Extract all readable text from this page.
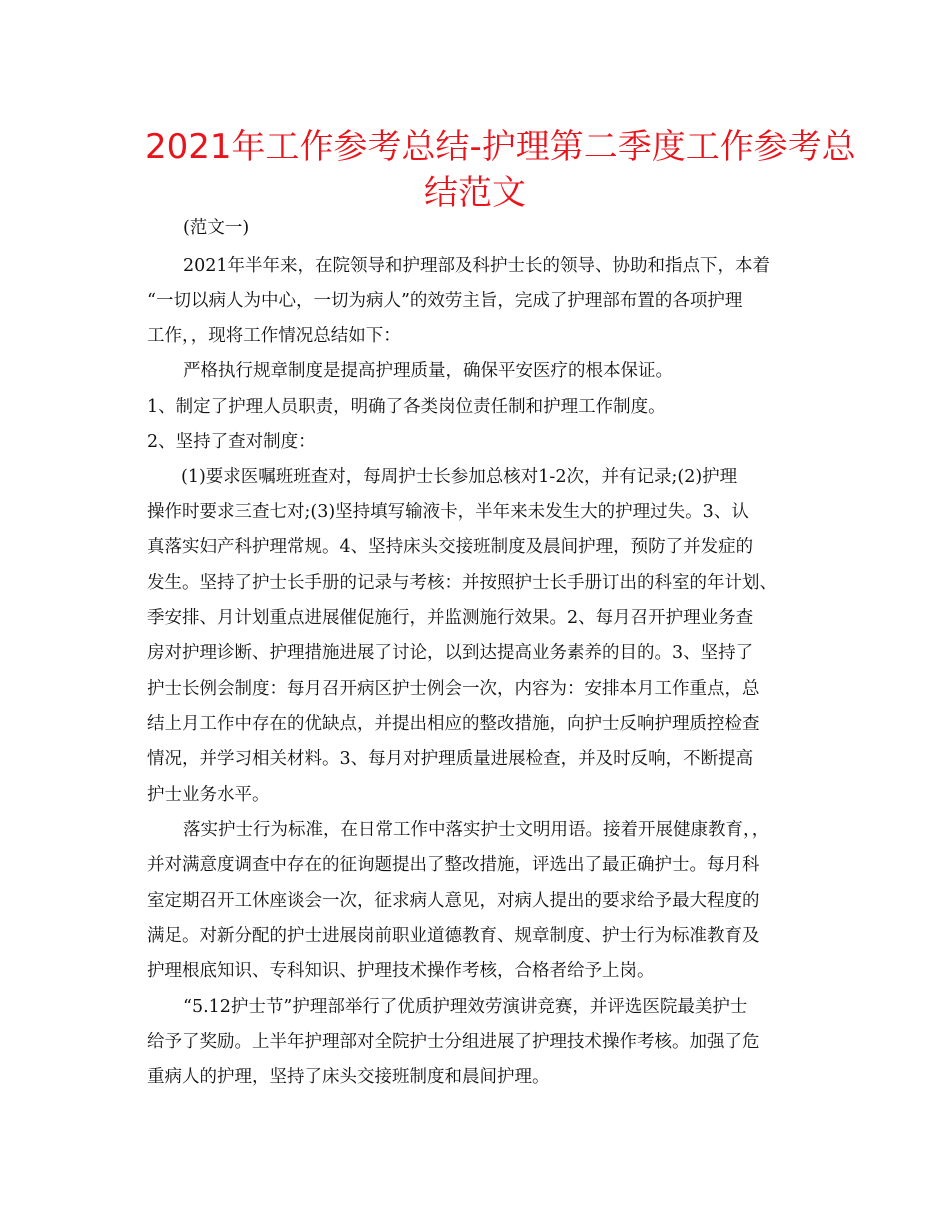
2021年工作参考总结-护理第二季度工作参考总
结范文
(范文一)
2021年半年来，在院领导和护理部及科护士长的领导、协助和指点下，本着
“一切以病人为中心，一切为病人”的效劳主旨，完成了护理部布置的各项护理
工作，，现将工作情况总结如下：
严格执行规章制度是提高护理质量，确保平安医疗的根本保证。
1、制定了护理人员职责，明确了各类岗位责任制和护理工作制度。
2、坚持了查对制度：
(1)要求医嘱班班查对，每周护士长参加总核对1-2次，并有记录;(2)护理
操作时要求三查七对;(3)坚持填写输液卡，半年来未发生大的护理过失。3、认
真落实妇产科护理常规。4、坚持床头交接班制度及晨间护理，预防了并发症的
发生。坚持了护士长手册的记录与考核：并按照护士长手册订出的科室的年计划、
季安排、月计划重点进展催促施行，并监测施行效果。2、每月召开护理业务查
房对护理诊断、护理措施进展了讨论，以到达提高业务素养的目的。3、坚持了
护士长例会制度：每月召开病区护士例会一次，内容为：安排本月工作重点，总
结上月工作中存在的优缺点，并提出相应的整改措施，向护士反响护理质控检查
情况，并学习相关材料。3、每月对护理质量进展检查，并及时反响，不断提高
护士业务水平。
落实护士行为标准，在日常工作中落实护士文明用语。接着开展健康教育，，
并对满意度调查中存在的征询题提出了整改措施，评选出了最正确护士。每月科
室定期召开工休座谈会一次，征求病人意见，对病人提出的要求给予最大程度的
满足。对新分配的护士进展岗前职业道德教育、规章制度、护士行为标准教育及
护理根底知识、专科知识、护理技术操作考核，合格者给予上岗。
“5.12护士节”护理部举行了优质护理效劳演讲竞赛，并评选医院最美护士
给予了奖励。上半年护理部对全院护士分组进展了护理技术操作考核。加强了危
重病人的护理，坚持了床头交接班制度和晨间护理。
